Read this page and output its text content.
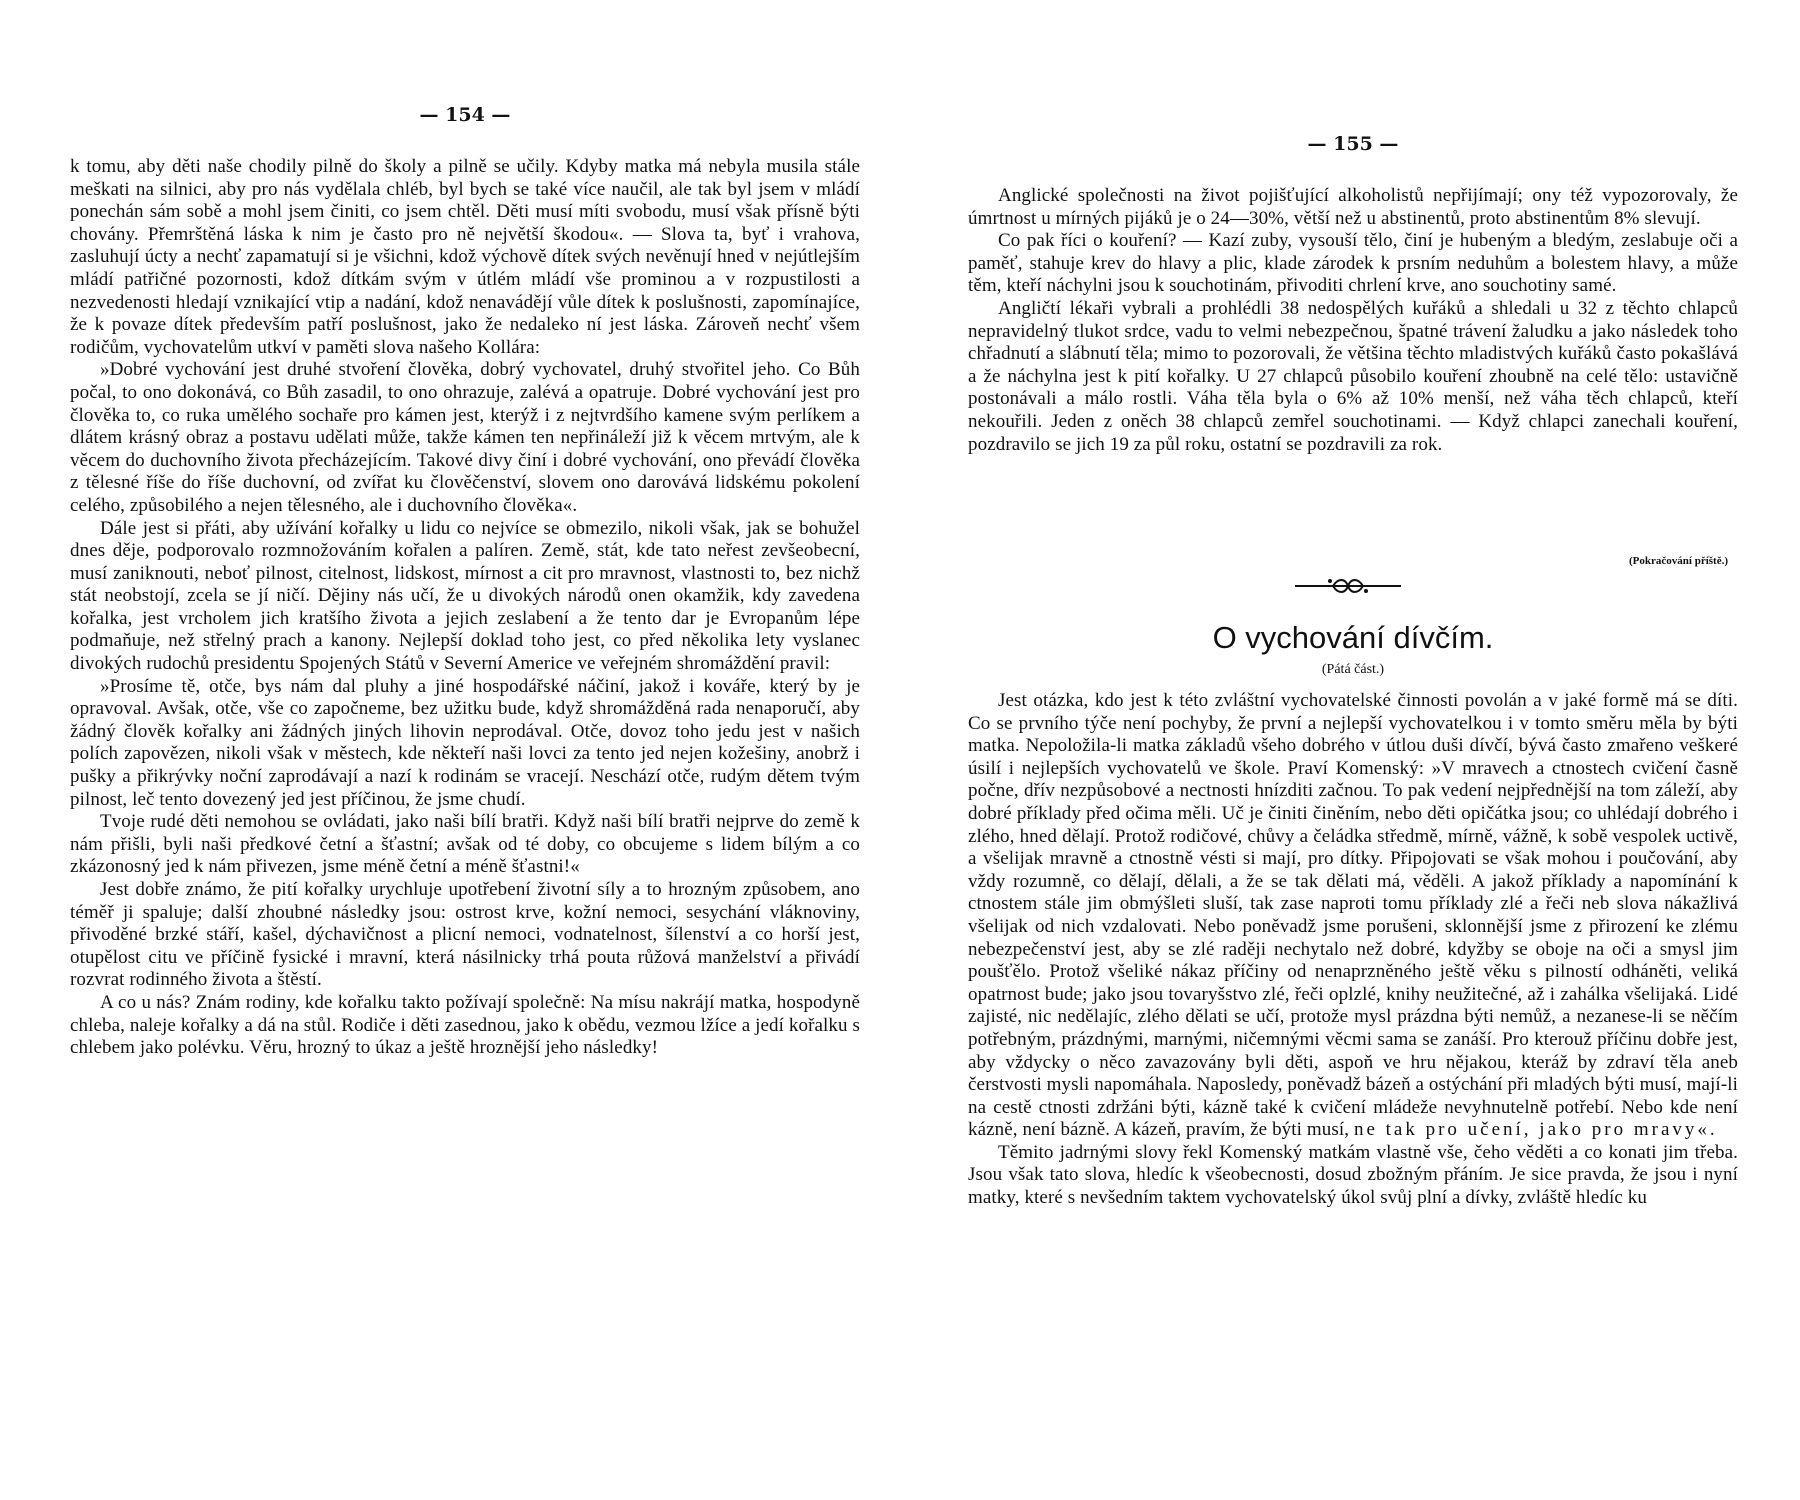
— 154 —

k tomu, aby děti naše chodily pilně do školy a pilně se učily. Kdyby matka má nebyla musila stále meškati na silnici, aby pro nás vydělala chléb, byl bych se také více naučil, ale tak byl jsem v mládí ponechán sám sobě a mohl jsem činiti, co jsem chtěl. Děti musí míti svobodu, musí však přísně býti chovány. Přemrštěná láska k nim je často pro ně největší škodou«. — Slova ta, byť i vrahova, zasluhují úcty a nechť zapamatují si je všichni, kdož výchově dítek svých nevěnují hned v nejútlejším mládí patřičné pozornosti, kdož dítkám svým v útlém mládí vše prominou a v rozpustilosti a nezvedenosti hledají vznikající vtip a nadání, kdož nenavádějí vůle dítek k poslušnosti, zapomínajíce, že k povaze dítek především patří poslušnost, jako že nedaleko ní jest láska. Zároveň nechť všem rodičům, vychovatelům utkví v paměti slova našeho Kollára:

»Dobré vychování jest druhé stvoření člověka, dobrý vychovatel, druhý stvořitel jeho. Co Bůh počal, to ono dokonává, co Bůh zasadil, to ono ohrazuje, zalévá a opatruje. Dobré vychování jest pro člověka to, co ruka umělého sochaře pro kámen jest, kterýž i z nejtvrdšího kamene svým perlíkem a dlátem krásný obraz a postavu udělati může, takže kámen ten nepřináleží již k věcem mrtvým, ale k věcem do duchovního života přecházejícím. Takové divy činí i dobré vychování, ono převádí člověka z tělesné říše do říše duchovní, od zvířat ku člověčenství, slovem ono darovává lidskému pokolení celého, způsobilého a nejen tělesného, ale i duchovního člověka«.

Dále jest si přáti, aby užívání kořalky u lidu co nejvíce se obmezilo, nikoli však, jak se bohužel dnes děje, podporovalo rozmnožováním kořalen a palíren. Země, stát, kde tato neřest zevšeobecní, musí zaniknouti, neboť pilnost, citelnost, lidskost, mírnost a cit pro mravnost, vlastnosti to, bez nichž stát neobstojí, zcela se jí ničí. Dějiny nás učí, že u divokých národů onen okamžik, kdy zavedena kořalka, jest vrcholem jich kratšího života a jejich zeslabení a že tento dar je Evropanům lépe podmaňuje, než střelný prach a kanony. Nejlepší doklad toho jest, co před několika lety vyslanec divokých rudochů presidentu Spojených Států v Severní Americe ve veřejném shromáždění pravil:

»Prosíme tě, otče, bys nám dal pluhy a jiné hospodářské náčiní, jakož i kováře, který by je opravoval. Avšak, otče, vše co započneme, bez užitku bude, když shromážděná rada nenaporučí, aby žádný člověk kořalky ani žádných jiných lihovin neprodával. Otče, dovoz toho jedu jest v našich polích zapovězen, nikoli však v městech, kde někteří naši lovci za tento jed nejen kožešiny, anobrž i pušky a přikrývky noční zaprodávají a nazí k rodinám se vracejí. Neschází otče, rudým dětem tvým pilnost, leč tento dovezený jed jest příčinou, že jsme chudí.

Tvoje rudé děti nemohou se ovládati, jako naši bílí bratři. Když naši bílí bratři nejprve do země k nám přišli, byli naši předkové četní a šťastní; avšak od té doby, co obcujeme s lidem bílým a co zkázonosný jed k nám přivezen, jsme méně četní a méně šťastni!«

Jest dobře známo, že pití kořalky urychluje upotřebení životní síly a to hrozným způsobem, ano téměř ji spaluje; další zhoubné následky jsou: ostrost krve, kožní nemoci, sesychání vláknoviny, přivoděné brzké stáří, kašel, dýchavičnost a plicní nemoci, vodnatelnost, šílenství a co horší jest, otupělost citu ve příčině fysické i mravní, která násilnicky trhá pouta růžová manželství a přivádí rozvrat rodinného života a štěstí.

A co u nás? Znám rodiny, kde kořalku takto požívají společně: Na mísu nakrájí matka, hospodyně chleba, naleje kořalky a dá na stůl. Rodiče i děti zasednou, jako k obědu, vezmou lžíce a jedí kořalku s chlebem jako polévku. Věru, hrozný to úkaz a ještě hroznější jeho následky!

— 155 —

Anglické společnosti na život pojišťující alkoholistů nepřijímají; ony též vypozorovaly, že úmrtnost u mírných pijáků je o 24—30%, větší než u abstinentů, proto abstinentům 8% slevují.

Co pak říci o kouření? — Kazí zuby, vysouší tělo, činí je hubeným a bledým, zeslabuje oči a paměť, stahuje krev do hlavy a plic, klade zárodek k prsním neduhům a bolestem hlavy, a může těm, kteří náchylni jsou k souchotinám, přivoditi chrlení krve, ano souchotiny samé.

Angličtí lékaři vybrali a prohlédli 38 nedospělých kuřáků a shledali u 32 z těchto chlapců nepravidelný tlukot srdce, vadu to velmi nebezpečnou, špatné trávení žaludku a jako následek toho chřadnutí a slábnutí těla; mimo to pozorovali, že většina těchto mladistvých kuřáků často pokašlává a že náchylna jest k pití kořalky. U 27 chlapců působilo kouření zhoubně na celé tělo: ustavičně postonávali a málo rostli. Váha těla byla o 6% až 10% menší, než váha těch chlapců, kteří nekouřili. Jeden z oněch 38 chlapců zemřel souchotinami. — Když chlapci zanechali kouření, pozdravilo se jich 19 za půl roku, ostatní se pozdravili za rok.

(Pokračování příště.)
O vychování dívčím.
(Pátá část.)

Jest otázka, kdo jest k této zvláštní vychovatelské činnosti povolán a v jaké formě má se díti. Co se prvního týče není pochyby, že první a nejlepší vychovatelkou i v tomto směru měla by býti matka. Nepoložila-li matka základů všeho dobrého v útlou duši dívčí, bývá často zmařeno veškeré úsilí i nejlepších vychovatelů ve škole. Praví Komenský: »V mravech a ctnostech cvičení časně počne, dřív nezpůsobové a nectnosti hnízditi začnou. To pak vedení nejpřednější na tom záleží, aby dobré příklady před očima měli. Uč je činiti činěním, nebo děti opičátka jsou; co uhlédají dobrého i zlého, hned dělají. Protož rodičové, chůvy a čeládka středmě, mírně, vážně, k sobě vespolek uctivě, a všelijak mravně a ctnostně vésti si mají, pro dítky. Připojovati se však mohou i poučování, aby vždy rozumně, co dělají, dělali, a že se tak dělati má, věděli. A jakož příklady a napomínání k ctnostem stále jim obmýšleti sluší, tak zase naproti tomu příklady zlé a řeči neb slova nákažlivá všelijak od nich vzdalovati. Nebo poněvadž jsme porušeni, sklonnější jsme z přirození ke zlému nebezpečenství jest, aby se zlé raději nechytalo než dobré, kdyžby se oboje na oči a smysl jim poušťělo. Protož všeliké nákaz příčiny od nenaprzněného ještě věku s pilností odháněti, veliká opatrnost bude; jako jsou tovaryšstvo zlé, řeči oplzlé, knihy neužitečné, až i zahálka všelijaká. Lidé zajisté, nic nedělajíc, zlého dělati se učí, protože mysl prázdna býti nemůž, a nezanese-li se něčím potřebným, prázdnými, marnými, ničemnými věcmi sama se zanáší. Pro kterouž příčinu dobře jest, aby vždycky o něco zavazovány byli děti, aspoň ve hru nějakou, kteráž by zdraví těla aneb čerstvosti mysli napomáhala. Naposledy, poněvadž bázeň a ostýchání při mladých býti musí, mají-li na cestě ctnosti zdržáni býti, kázně také k cvičení mládeže nevyhnutelně potřebí. Nebo kde není kázně, není bázně. A kázeň, pravím, že býti musí, ne tak pro učení, jako pro mravy«.

Těmito jadrnými slovy řekl Komenský matkám vlastně vše, čeho věděti a co konati jim třeba. Jsou však tato slova, hledíc k všeobecnosti, dosud zbožným přáním. Je sice pravda, že jsou i nyní matky, které s nevšedním taktem vychovatelský úkol svůj plní a dívky, zvláště hledíc ku
